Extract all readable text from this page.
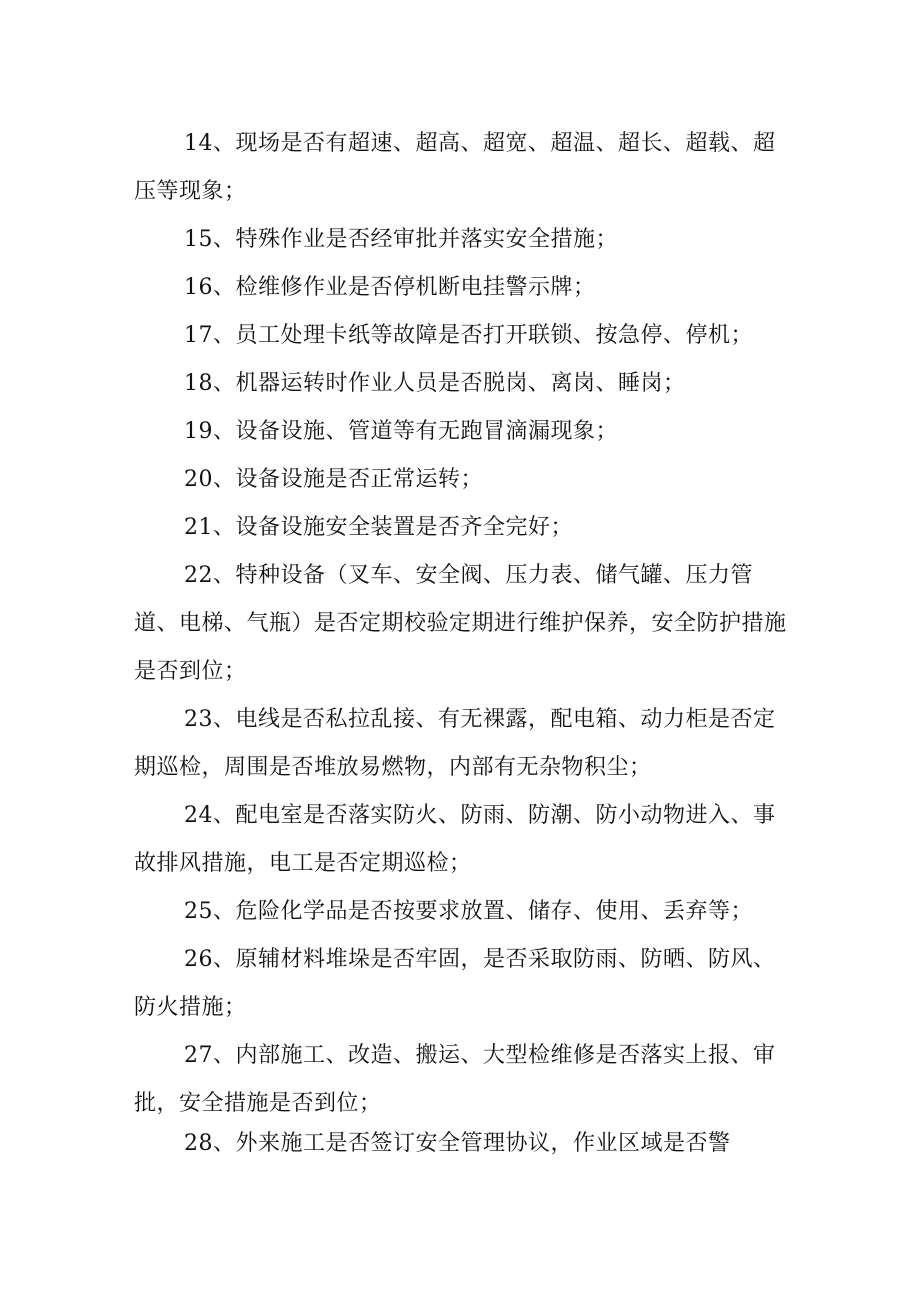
14、现场是否有超速、超高、超宽、超温、超长、超载、超压等现象；

15、特殊作业是否经审批并落实安全措施；

16、检维修作业是否停机断电挂警示牌；

17、员工处理卡纸等故障是否打开联锁、按急停、停机；

18、机器运转时作业人员是否脱岗、离岗、睡岗；

19、设备设施、管道等有无跑冒滴漏现象；

20、设备设施是否正常运转；

21、设备设施安全装置是否齐全完好；

22、特种设备（叉车、安全阀、压力表、储气罐、压力管道、电梯、气瓶）是否定期校验定期进行维护保养，安全防护措施是否到位；

23、电线是否私拉乱接、有无裸露，配电箱、动力柜是否定期巡检，周围是否堆放易燃物，内部有无杂物积尘；

24、配电室是否落实防火、防雨、防潮、防小动物进入、事故排风措施，电工是否定期巡检；

25、危险化学品是否按要求放置、储存、使用、丢弃等；

26、原辅材料堆垛是否牢固，是否采取防雨、防晒、防风、防火措施；

27、内部施工、改造、搬运、大型检维修是否落实上报、审批，安全措施是否到位；

28、外来施工是否签订安全管理协议，作业区域是否警
